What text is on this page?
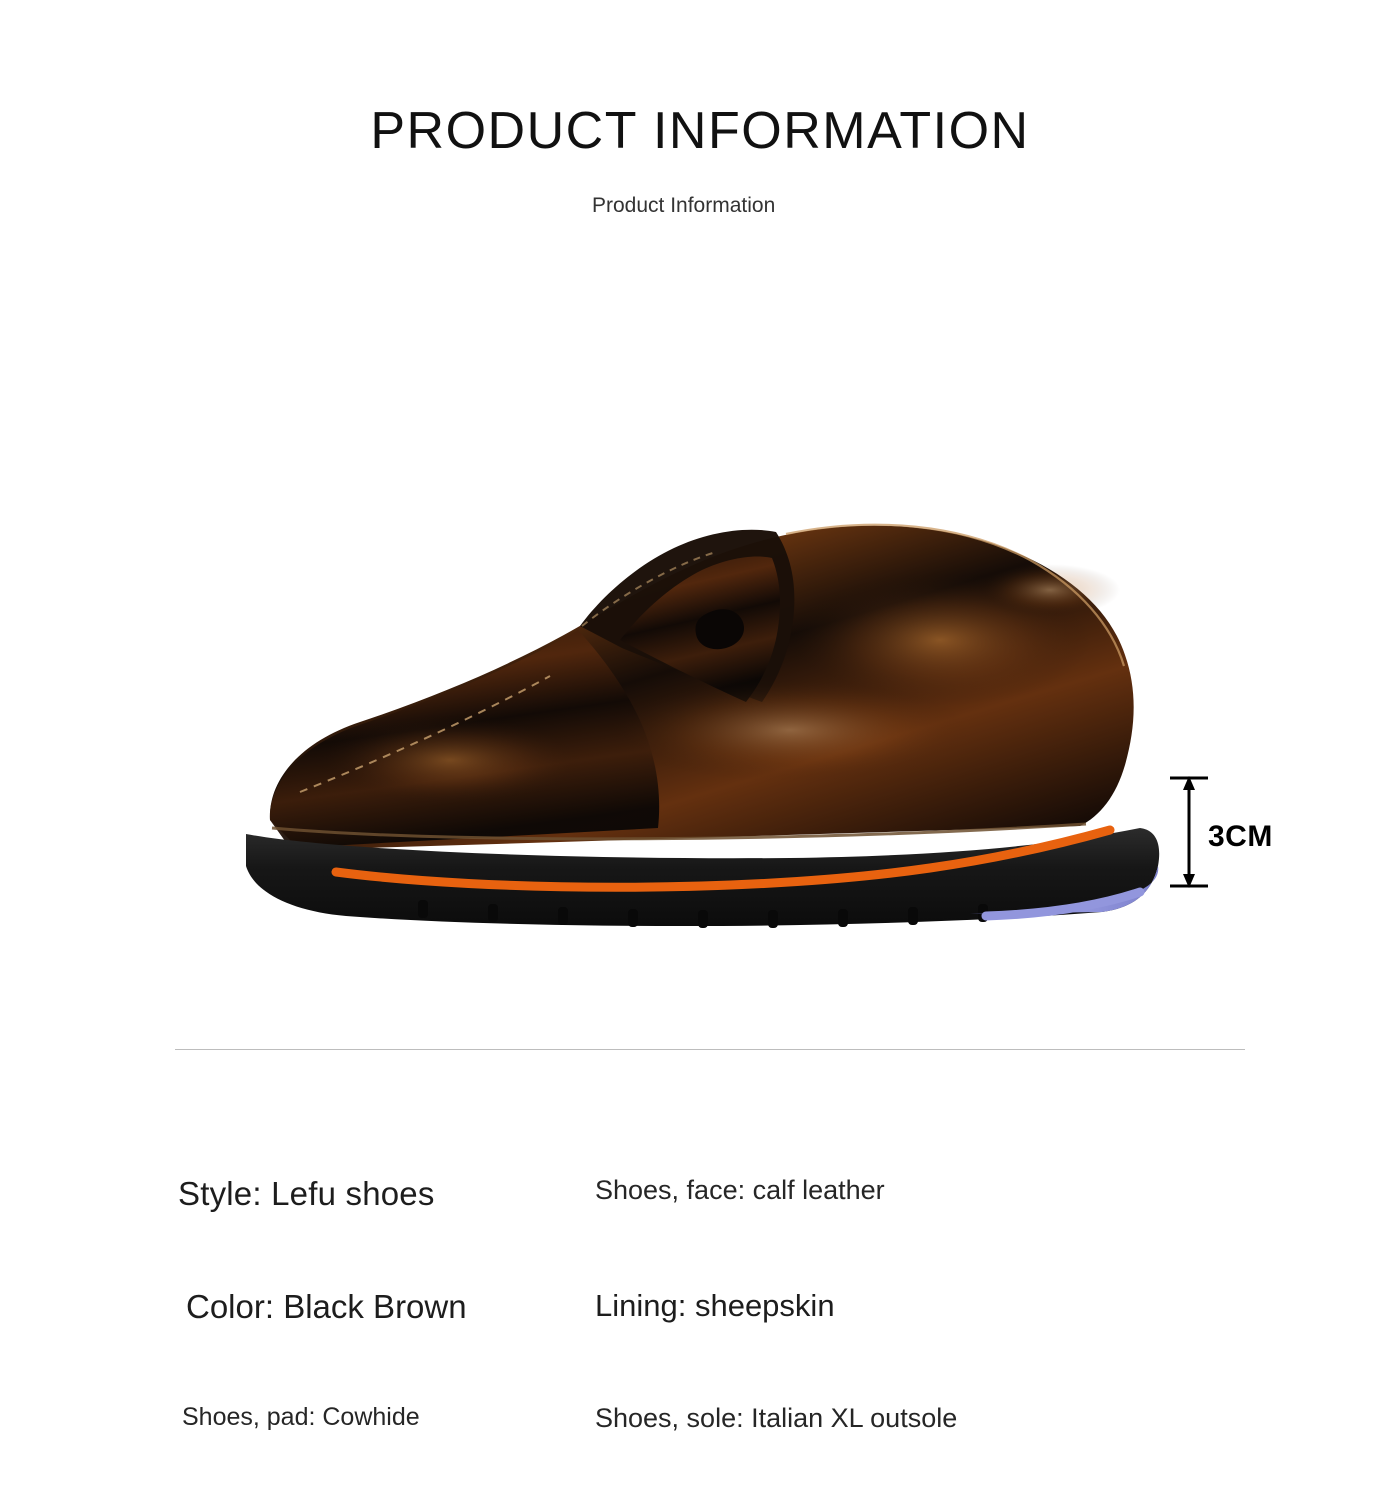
PRODUCT INFORMATION
Product Information
3CM
Style: Lefu shoes	Shoes, face: calf leather
Color: Black Brown	Lining: sheepskin
Shoes, pad: Cowhide	Shoes, sole: Italian XL outsole
